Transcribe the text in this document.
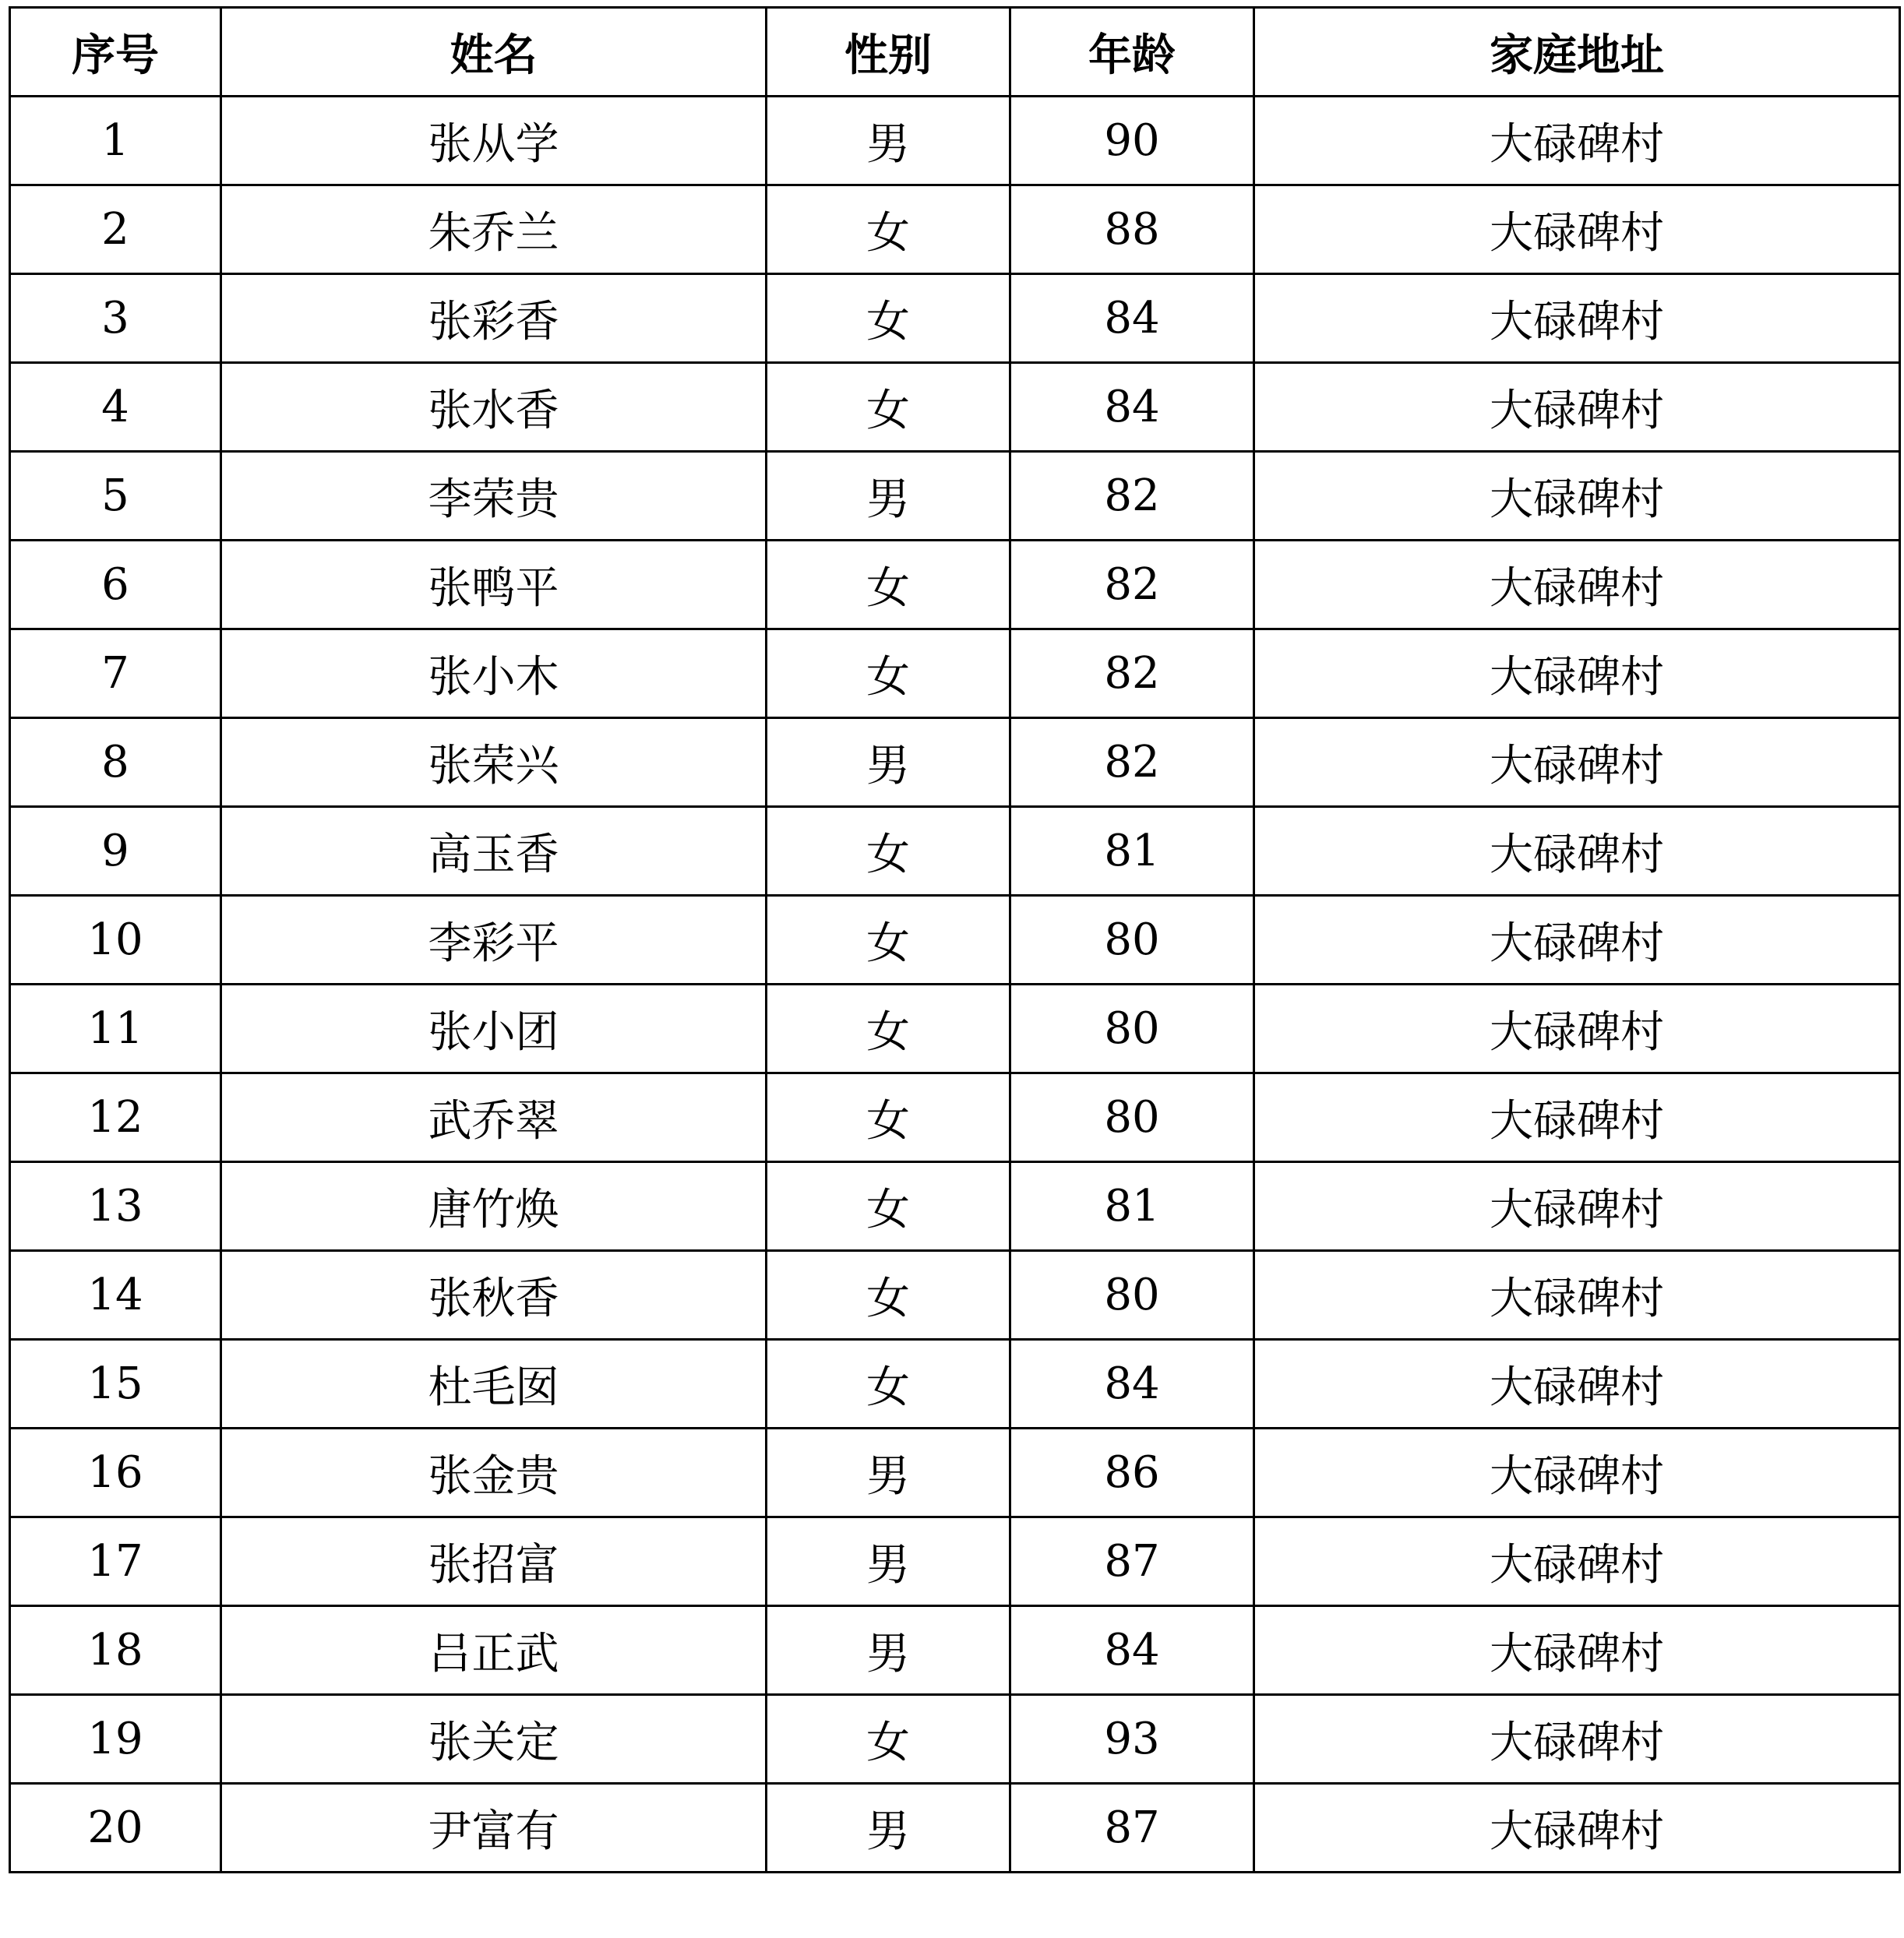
序号	姓名	性别	年龄	家庭地址
1	张从学	男	90	大碌碑村
2	朱乔兰	女	88	大碌碑村
3	张彩香	女	84	大碌碑村
4	张水香	女	84	大碌碑村
5	李荣贵	男	82	大碌碑村
6	张鸭平	女	82	大碌碑村
7	张小木	女	82	大碌碑村
8	张荣兴	男	82	大碌碑村
9	高玉香	女	81	大碌碑村
10	李彩平	女	80	大碌碑村
11	张小团	女	80	大碌碑村
12	武乔翠	女	80	大碌碑村
13	唐竹焕	女	81	大碌碑村
14	张秋香	女	80	大碌碑村
15	杜毛囡	女	84	大碌碑村
16	张金贵	男	86	大碌碑村
17	张招富	男	87	大碌碑村
18	吕正武	男	84	大碌碑村
19	张关定	女	93	大碌碑村
20	尹富有	男	87	大碌碑村
